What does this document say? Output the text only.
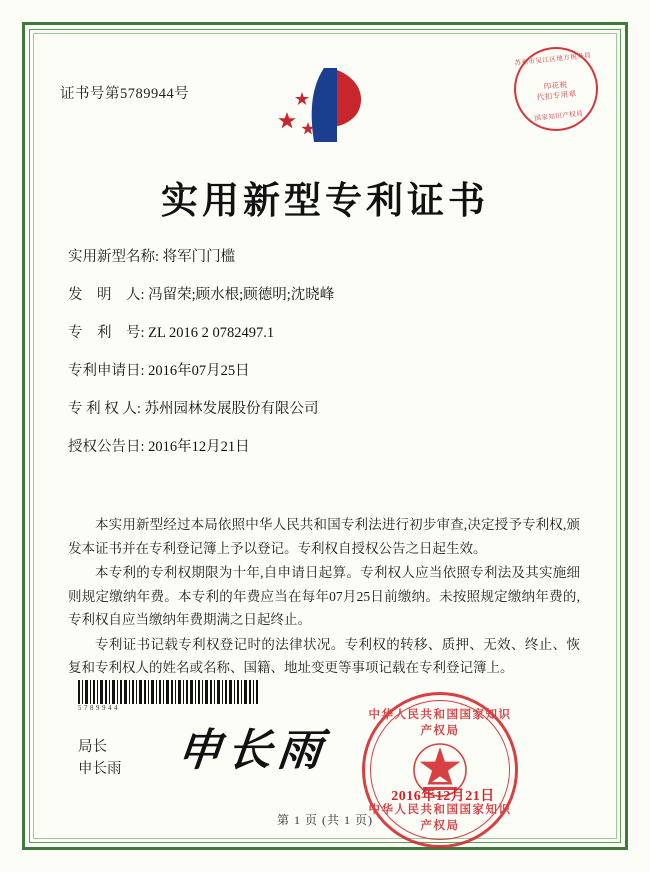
证书号第5789944号
苏州市吴江区地方税务局
印花税
代扣专用章
国家知识产权局
实用新型专利证书
实用新型名称: 将军门门槛
发　明　人: 冯留荣;顾水根;顾德明;沈晓峰
专　利　号: ZL 2016 2 0782497.1
专利申请日: 2016年07月25日
专 利 权 人: 苏州园林发展股份有限公司
授权公告日: 2016年12月21日

本实用新型经过本局依照中华人民共和国专利法进行初步审查,决定授予专利权,颁发本证书并在专利登记簿上予以登记。专利权自授权公告之日起生效。

本专利的专利权期限为十年,自申请日起算。专利权人应当依照专利法及其实施细则规定缴纳年费。本专利的年费应当在每年07月25日前缴纳。未按照规定缴纳年费的,专利权自应当缴纳年费期满之日起终止。

专利证书记载专利权登记时的法律状况。专利权的转移、质押、无效、终止、恢复和专利权人的姓名或名称、国籍、地址变更等事项记载在专利登记簿上。

5789944
局长
申长雨 申长雨
中华人民共和国国家知识产权局
中华人民共和国国家知识产权局
2016年12月21日
第 1 页 (共 1 页)
